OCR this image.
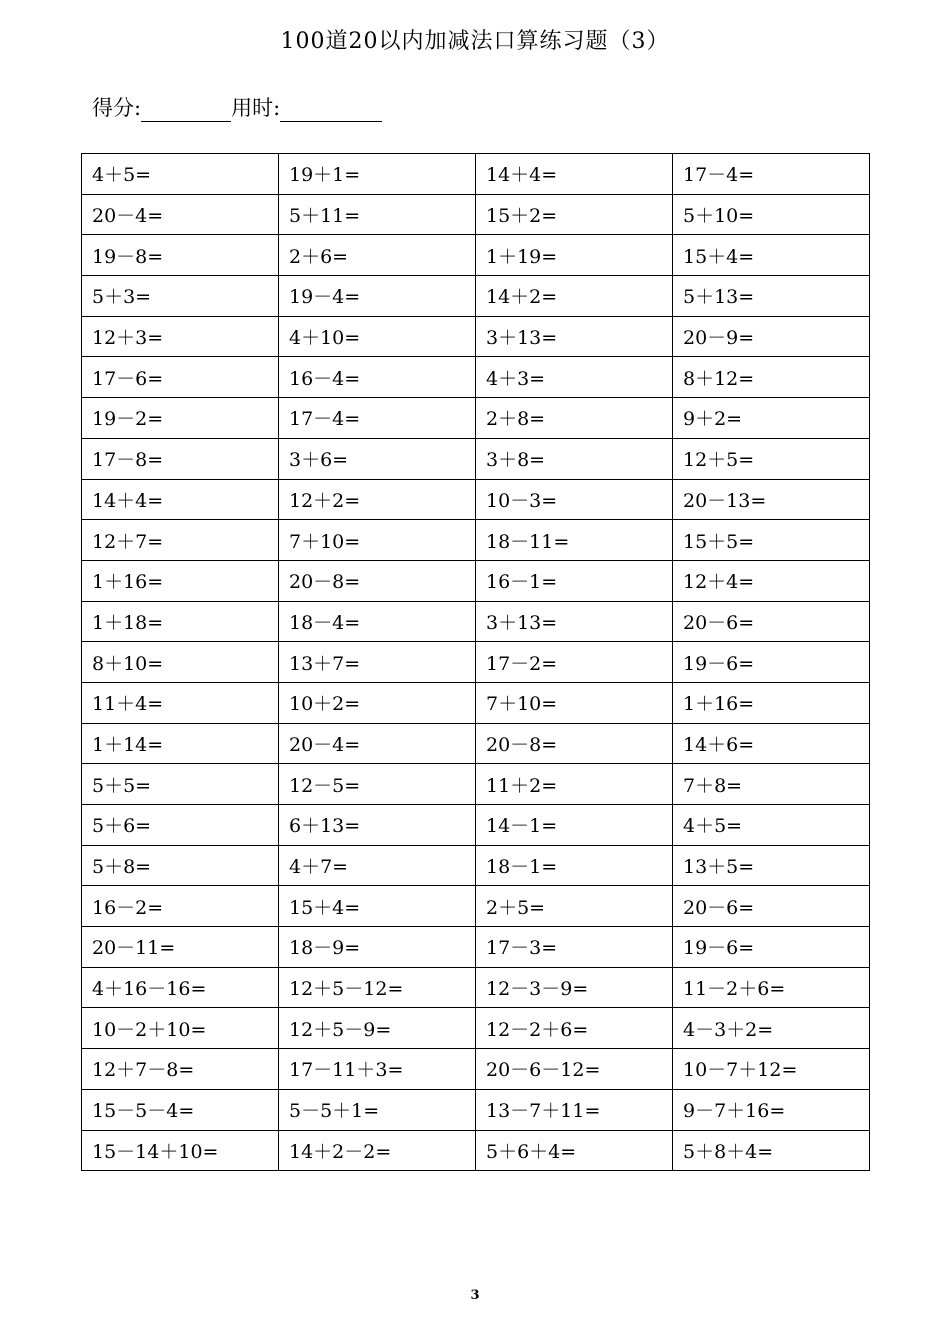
100道20以内加减法口算练习题（3）
得分:	用时:
4＋5=	19＋1=	14＋4=	17－4=
20－4=	5＋11=	15＋2=	5＋10=
19－8=	2＋6=	1＋19=	15＋4=
5＋3=	19－4=	14＋2=	5＋13=
12＋3=	4＋10=	3＋13=	20－9=
17－6=	16－4=	4＋3=	8＋12=
19－2=	17－4=	2＋8=	9＋2=
17－8=	3＋6=	3＋8=	12＋5=
14＋4=	12＋2=	10－3=	20－13=
12＋7=	7＋10=	18－11=	15＋5=
1＋16=	20－8=	16－1=	12＋4=
1＋18=	18－4=	3＋13=	20－6=
8＋10=	13＋7=	17－2=	19－6=
11＋4=	10＋2=	7＋10=	1＋16=
1＋14=	20－4=	20－8=	14＋6=
5＋5=	12－5=	11＋2=	7＋8=
5＋6=	6＋13=	14－1=	4＋5=
5＋8=	4＋7=	18－1=	13＋5=
16－2=	15＋4=	2＋5=	20－6=
20－11=	18－9=	17－3=	19－6=
4＋16－16=	12＋5－12=	12－3－9=	11－2＋6=
10－2＋10=	12＋5－9=	12－2＋6=	4－3＋2=
12＋7－8=	17－11＋3=	20－6－12=	10－7＋12=
15－5－4=	5－5＋1=	13－7＋11=	9－7＋16=
15－14＋10=	14＋2－2=	5＋6＋4=	5＋8＋4=
3
